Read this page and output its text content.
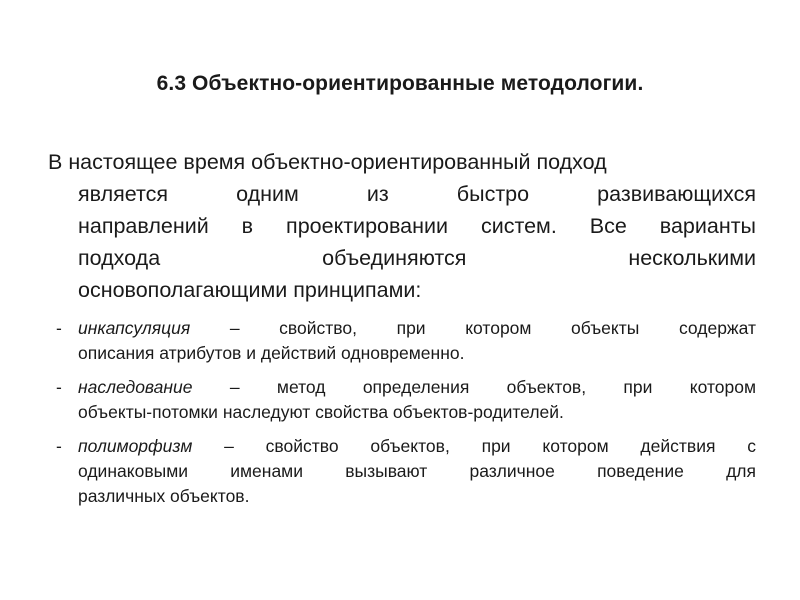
6.3 Объектно-ориентированные методологии.
В настоящее время объектно-ориентированный подход
является одним из быстро развивающихся
направлений в проектировании систем. Все варианты
подхода объединяются несколькими
основополагающими принципами:
- инкапсуляция – свойство, при котором объекты содержат
описания атрибутов и действий одновременно.
- наследование – метод определения объектов, при котором
объекты-потомки наследуют свойства объектов-родителей.
- полиморфизм – свойство объектов, при котором действия с
одинаковыми именами вызывают различное поведение для
различных объектов.
